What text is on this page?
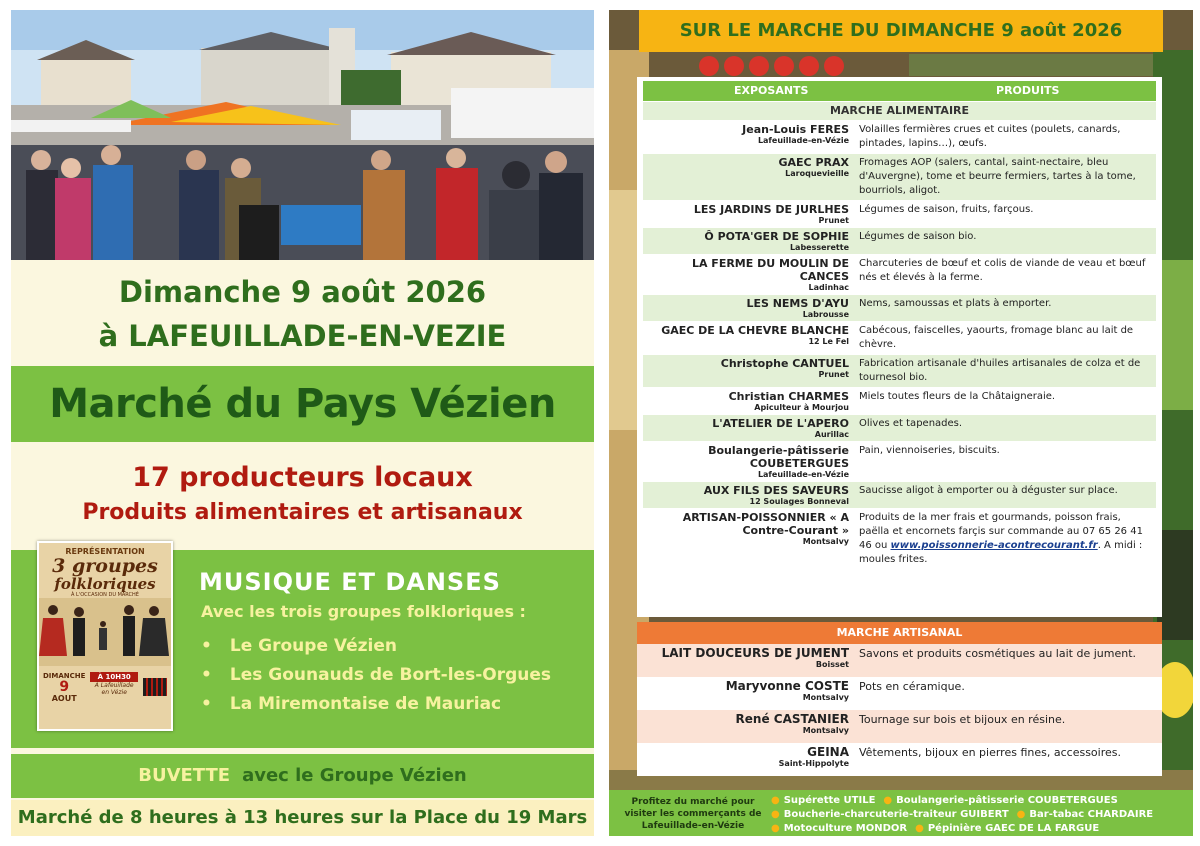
Dimanche 9 août 2026
à LAFEUILLADE-EN-VEZIE
Marché du Pays Vézien
17 producteurs locaux
Produits alimentaires et artisanaux
MUSIQUE ET DANSES
Avec les trois groupes folkloriques :
• Le Groupe Vézien
• Les Gounauds de Bort-les-Orgues
• La Miremontaise de Mauriac
REPRÉSENTATION
3 groupes
folkloriques
À L'OCCASION DU MARCHÉ
DIMANCHE
9
AOUT
À 10H30
À Lafeuillade en Vézie
BUVETTE avec le Groupe Vézien
Marché de 8 heures à 13 heures sur la Place du 19 Mars
SUR LE MARCHE DU DIMANCHE 9 août 2026
EXPOSANTS	PRODUITS
MARCHE ALIMENTAIRE
Jean-Louis FERES
Lafeuillade-en-Vézie
Volailles fermières crues et cuites (poulets, canards, pintades, lapins…), œufs.
GAEC PRAX
Laroquevieille
Fromages AOP (salers, cantal, saint-nectaire, bleu d'Auvergne), tome et beurre fermiers, tartes à la tome, bourriols, aligot.
LES JARDINS DE JURLHES
Prunet
Légumes de saison, fruits, farçous.
Ô POTA'GER DE SOPHIE
Labesserette
Légumes de saison bio.
LA FERME DU MOULIN DE CANCES
Ladinhac
Charcuteries de bœuf et colis de viande de veau et bœuf nés et élevés à la ferme.
LES NEMS D'AYU
Labrousse
Nems, samoussas et plats à emporter.
GAEC DE LA CHEVRE BLANCHE
12 Le Fel
Cabécous, faiscelles, yaourts, fromage blanc au lait de chèvre.
Christophe CANTUEL
Prunet
Fabrication artisanale d'huiles artisanales de colza et de tournesol bio.
Christian CHARMES
Apiculteur à Mourjou
Miels toutes fleurs de la Châtaigneraie.
L'ATELIER DE L'APERO
Aurillac
Olives et tapenades.
Boulangerie-pâtisserie COUBETERGUES
Lafeuillade-en-Vézie
Pain, viennoiseries, biscuits.
AUX FILS DES SAVEURS
12 Soulages Bonneval
Saucisse aligot à emporter ou à déguster sur place.
ARTISAN-POISSONNIER « A Contre-Courant »
Montsalvy
Produits de la mer frais et gourmands, poisson frais, paëlla et encornets farçis sur commande au 07 65 26 41 46 ou www.poissonnerie-acontrecourant.fr. A midi : moules frites.
MARCHE ARTISANAL
LAIT DOUCEURS DE JUMENT
Boisset
Savons et produits cosmétiques au lait de jument.
Maryvonne COSTE
Montsalvy
Pots en céramique.
René CASTANIER
Montsalvy
Tournage sur bois et bijoux en résine.
GEINA
Saint-Hippolyte
Vêtements, bijoux en pierres fines, accessoires.
Profitez du marché pour visiter les commerçants de Lafeuillade-en-Vézie
● Supérette UTILE ● Boulangerie-pâtisserie COUBETERGUES
● Boucherie-charcuterie-traiteur GUIBERT ● Bar-tabac CHARDAIRE
● Motoculture MONDOR ● Pépinière GAEC DE LA FARGUE
